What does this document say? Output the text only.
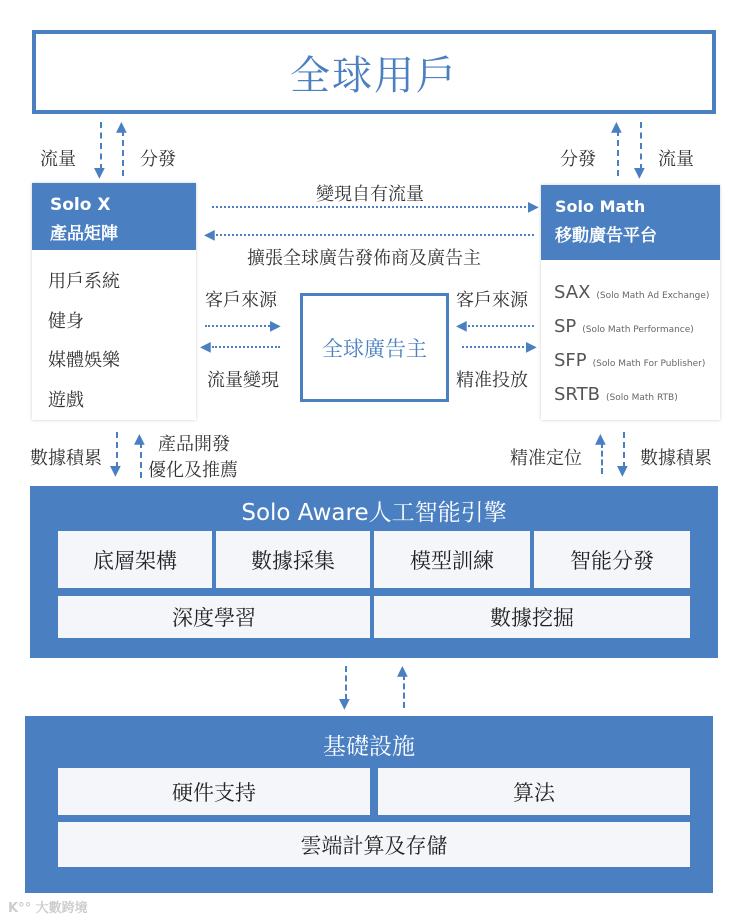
全球用戶
流量
▼
▲
分發	分發
▲
▼
流量
Solo X
產品矩陣
用戶系統
健身
媒體娛樂
遊戲
Solo Math
移動廣告平台
SAX (Solo Math Ad Exchange)
SP (Solo Math Performance)
SFP (Solo Math For Publisher)
SRTB (Solo Math RTB)
變現自有流量
▶
◀
擴張全球廣告發佈商及廣告主
客戶來源
▶
◀
流量變現
全球廣告主
客戶來源
◀
▶
精准投放
數據積累
▼
▲ 產品開發
優化及推薦
精准定位
▲
▼
數據積累
Solo Aware人工智能引擎
底層架構	數據採集	模型訓練	智能分發
深度學習	數據挖掘
▼
▲
基礎設施
硬件支持	算法
雲端計算及存儲
K°° 大數跨境
